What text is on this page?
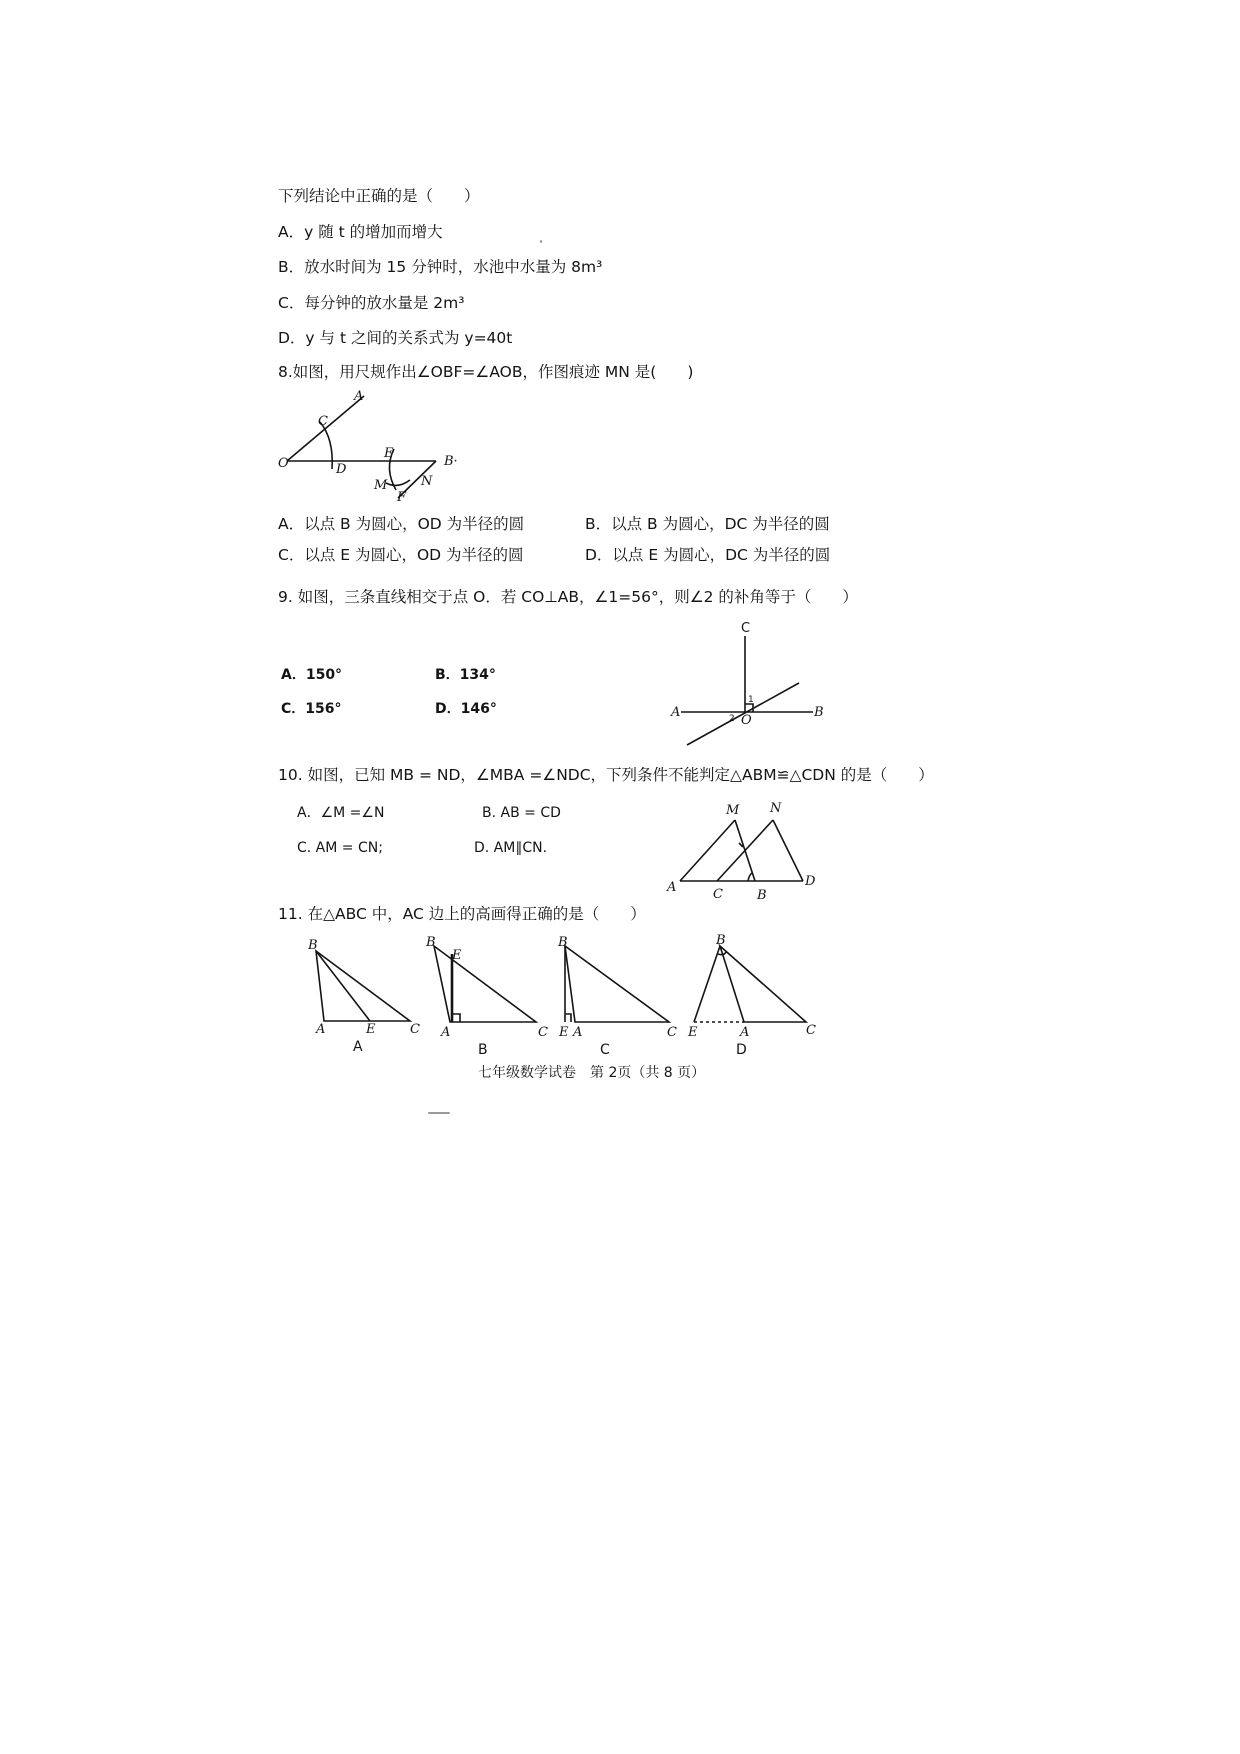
下列结论中正确的是（　　）
A．y 随 t 的增加而增大
B．放水时间为 15 分钟时，水池中水量为 8m³
C．每分钟的放水量是 2m³
D．y 与 t 之间的关系式为 y=40t
8.如图，用尺规作出∠OBF=∠AOB，作图痕迹 MN 是(　　)
A
C
O	D
E
B·
M	N
F
A．以点 B 为圆心，OD 为半径的圆	B．以点 B 为圆心，DC 为半径的圆
C．以点 E 为圆心，OD 为半径的圆	D．以点 E 为圆心，DC 为半径的圆
9. 如图，三条直线相交于点 O．若 CO⊥AB，∠1=56°，则∠2 的补角等于（　　）
A．150°	B．134°
C．156°	D．146°
C
A	B
O
1
2
10. 如图，已知 MB = ND，∠MBA =∠NDC，下列条件不能判定△ABM≌△CDN 的是（　　）
A．∠M =∠N	B. AB = CD
C. AM = CN;	D. AM∥CN.
M N
A	C	B
D
11. 在△ABC 中，AC 边上的高画得正确的是（　　）
B
A	E	C
A
B
E
A	C
B
B
E A	C
C
B
E	A	C
D
七年级数学试卷　第 2页（共 8 页）
